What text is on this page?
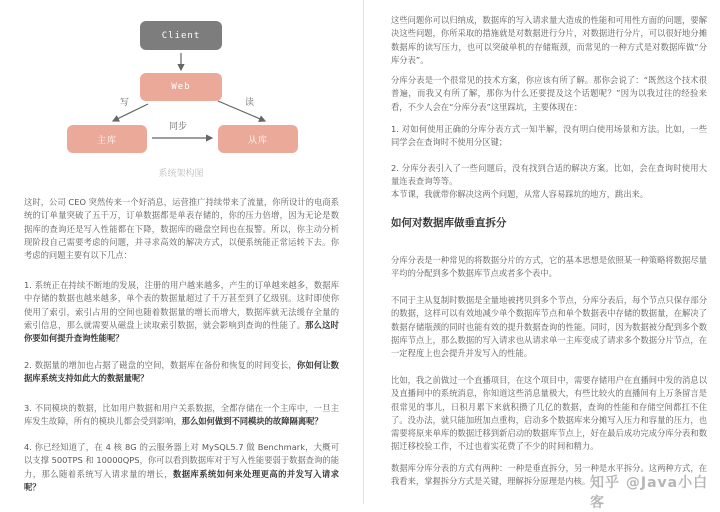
Client
Web
主库	从库
写	读
同步
系统架构图
这时，公司 CEO 突然传来一个好消息，运营推广持续带来了流量，你所设计的电商系统的订单量突破了五千万，订单数据都是单表存储的，你的压力倍增，因为无论是数据库的查询还是写入性能都在下降，数据库的磁盘空间也在报警。所以，你主动分析现阶段自己需要考虑的问题，并寻求高效的解决方式，以便系统能正常运转下去。你考虑的问题主要有以下几点：
1. 系统正在持续不断地的发展，注册的用户越来越多，产生的订单越来越多，数据库中存储的数据也越来越多，单个表的数据量超过了千万甚至到了亿级别。这时即使你使用了索引，索引占用的空间也随着数据量的增长而增大，数据库就无法缓存全量的索引信息，那么就需要从磁盘上读取索引数据，就会影响到查询的性能了。那么这时你要如何提升查询性能呢？
2. 数据量的增加也占据了磁盘的空间，数据库在备份和恢复的时间变长，你如何让数据库系统支持如此大的数据量呢？
3. 不同模块的数据，比如用户数据和用户关系数据，全都存储在一个主库中，一旦主库发生故障，所有的模块儿都会受到影响，那么如何做到不同模块的故障隔离呢？
4. 你已经知道了，在 4 核 8G 的云服务器上对 MySQL5.7 做 Benchmark，大概可以支撑 500TPS 和 10000QPS，你可以看到数据库对于写入性能要弱于数据查询的能力，那么随着系统写入请求量的增长，数据库系统如何来处理更高的并发写入请求呢？
这些问题你可以归纳成，数据库的写入请求量大造成的性能和可用性方面的问题，要解决这些问题，你所采取的措施就是对数据进行分片，对数据进行分片，可以很好地分摊数据库的读写压力，也可以突破单机的存储瓶颈，而常见的一种方式是对数据库做“分库分表”。
分库分表是一个很常见的技术方案，你应该有所了解。那你会说了：“既然这个技术很普遍，而我又有所了解，那你为什么还要提及这个话题呢？”因为以我过往的经验来看，不少人会在“分库分表”这里踩坑，主要体现在：
1. 对如何使用正确的分库分表方式一知半解，没有明白使用场景和方法。比如，一些同学会在查询时不使用分区键；
2. 分库分表引入了一些问题后，没有找到合适的解决方案。比如，会在查询时使用大量连表查询等等。
本节课，我就带你解决这两个问题，从常人容易踩坑的地方，跳出来。
如何对数据库做垂直拆分
分库分表是一种常见的将数据分片的方式，它的基本思想是依照某一种策略将数据尽量平均的分配到多个数据库节点或者多个表中。
不同于主从复制时数据是全量地被拷贝到多个节点，分库分表后，每个节点只保存部分的数据，这样可以有效地减少单个数据库节点和单个数据表中存储的数据量，在解决了数据存储瓶颈的同时也能有效的提升数据查询的性能。同时，因为数据被分配到多个数据库节点上，那么数据的写入请求也从请求单一主库变成了请求多个数据分片节点，在一定程度上也会提升并发写入的性能。
比如，我之前做过一个直播项目，在这个项目中，需要存储用户在直播间中发的消息以及直播间中的系统消息，你知道这些消息量极大，有些比较火的直播间有上万条留言是很常见的事儿，日积月累下来就积攒了几亿的数据，查询的性能和存储空间都扛不住了。没办法，就只能加班加点重构，启动多个数据库来分摊写入压力和容量的压力，也需要将原来单库的数据迁移到新启动的数据库节点上，好在最后成功完成分库分表和数据迁移校验工作，不过也着实花费了不少的时间和精力。
数据库分库分表的方式有两种：一种是垂直拆分，另一种是水平拆分。这两种方式，在我看来，掌握拆分方式是关键，理解拆分原理是内核。 知乎 @Java小白客
